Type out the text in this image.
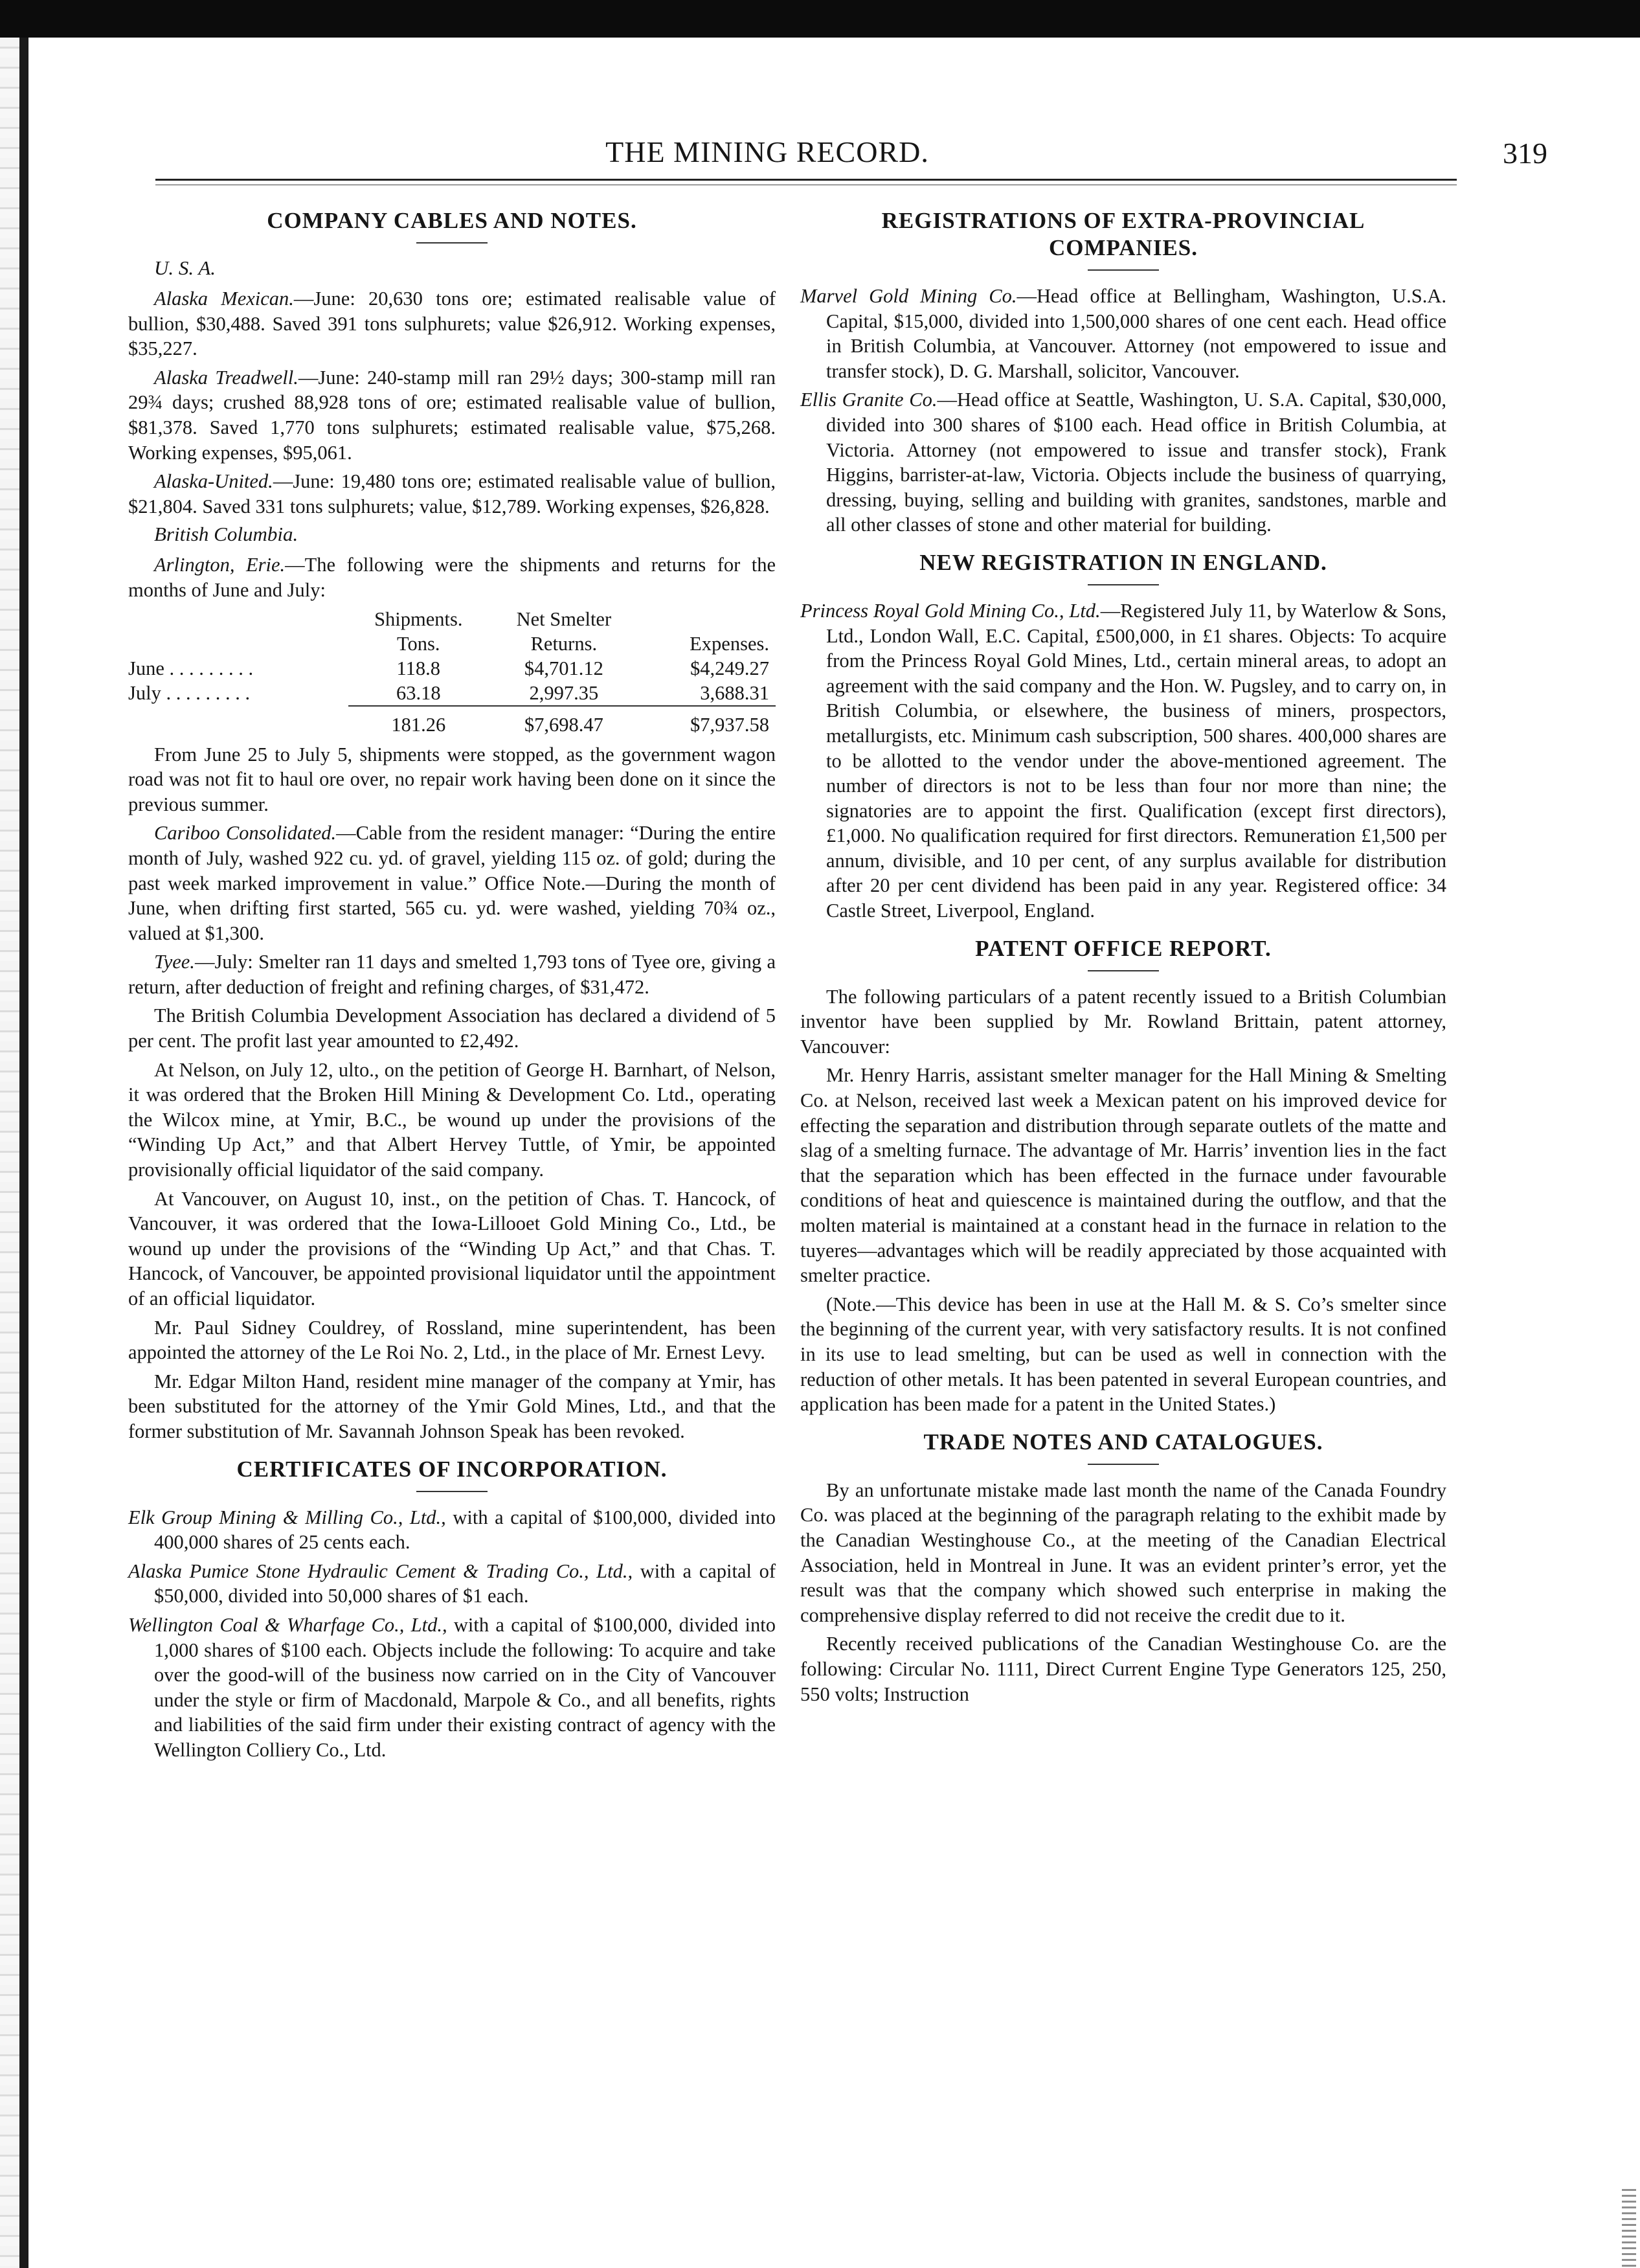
THE MINING RECORD.	319
COMPANY CABLES AND NOTES.
U. S. A.

Alaska Mexican.—June: 20,630 tons ore; estimated realisable value of bullion, $30,488. Saved 391 tons sulphurets; value $26,912. Working expenses, $35,227.

Alaska Treadwell.—June: 240-stamp mill ran 29½ days; 300-stamp mill ran 29¾ days; crushed 88,928 tons of ore; estimated realisable value of bullion, $81,378. Saved 1,770 tons sulphurets; estimated realisable value, $75,268. Working expenses, $95,061.

Alaska-United.—June: 19,480 tons ore; estimated realisable value of bullion, $21,804. Saved 331 tons sulphurets; value, $12,789. Working expenses, $26,828.

British Columbia.

Arlington, Erie.—The following were the shipments and returns for the months of June and July:

	Shipments.	Net Smelter	
	Tons.	Returns.	Expenses.
June . . . . . . . . .	118.8	$4,701.12	$4,249.27
July . . . . . . . . .	63.18	2,997.35	3,688.31
	181.26	$7,698.47	$7,937.58

From June 25 to July 5, shipments were stopped, as the government wagon road was not fit to haul ore over, no repair work having been done on it since the previous summer.

Cariboo Consolidated.—Cable from the resident manager: “During the entire month of July, washed 922 cu. yd. of gravel, yielding 115 oz. of gold; during the past week marked improvement in value.” Office Note.—During the month of June, when drifting first started, 565 cu. yd. were washed, yielding 70¾ oz., valued at $1,300.

Tyee.—July: Smelter ran 11 days and smelted 1,793 tons of Tyee ore, giving a return, after deduction of freight and refining charges, of $31,472.

The British Columbia Development Association has declared a dividend of 5 per cent. The profit last year amounted to £2,492.

At Nelson, on July 12, ulto., on the petition of George H. Barnhart, of Nelson, it was ordered that the Broken Hill Mining & Development Co. Ltd., operating the Wilcox mine, at Ymir, B.C., be wound up under the provisions of the “Winding Up Act,” and that Albert Hervey Tuttle, of Ymir, be appointed provisionally official liquidator of the said company.

At Vancouver, on August 10, inst., on the petition of Chas. T. Hancock, of Vancouver, it was ordered that the Iowa-Lillooet Gold Mining Co., Ltd., be wound up under the provisions of the “Winding Up Act,” and that Chas. T. Hancock, of Vancouver, be appointed provisional liquidator until the appointment of an official liquidator.

Mr. Paul Sidney Couldrey, of Rossland, mine superintendent, has been appointed the attorney of the Le Roi No. 2, Ltd., in the place of Mr. Ernest Levy.

Mr. Edgar Milton Hand, resident mine manager of the company at Ymir, has been substituted for the attorney of the Ymir Gold Mines, Ltd., and that the former substitution of Mr. Savannah Johnson Speak has been revoked.

CERTIFICATES OF INCORPORATION.

Elk Group Mining & Milling Co., Ltd., with a capital of $100,000, divided into 400,000 shares of 25 cents each.

Alaska Pumice Stone Hydraulic Cement & Trading Co., Ltd., with a capital of $50,000, divided into 50,000 shares of $1 each.

Wellington Coal & Wharfage Co., Ltd., with a capital of $100,000, divided into 1,000 shares of $100 each. Objects include the following: To acquire and take over the good-will of the business now carried on in the City of Vancouver under the style or firm of Macdonald, Marpole & Co., and all benefits, rights and liabilities of the said firm under their existing contract of agency with the Wellington Colliery Co., Ltd.

REGISTRATIONS OF EXTRA-PROVINCIAL COMPANIES.

Marvel Gold Mining Co.—Head office at Bellingham, Washington, U.S.A. Capital, $15,000, divided into 1,500,000 shares of one cent each. Head office in British Columbia, at Vancouver. Attorney (not empowered to issue and transfer stock), D. G. Marshall, solicitor, Vancouver.

Ellis Granite Co.—Head office at Seattle, Washington, U. S.A. Capital, $30,000, divided into 300 shares of $100 each. Head office in British Columbia, at Victoria. Attorney (not empowered to issue and transfer stock), Frank Higgins, barrister-at-law, Victoria. Objects include the business of quarrying, dressing, buying, selling and building with granites, sandstones, marble and all other classes of stone and other material for building.

NEW REGISTRATION IN ENGLAND.

Princess Royal Gold Mining Co., Ltd.—Registered July 11, by Waterlow & Sons, Ltd., London Wall, E.C. Capital, £500,000, in £1 shares. Objects: To acquire from the Princess Royal Gold Mines, Ltd., certain mineral areas, to adopt an agreement with the said company and the Hon. W. Pugsley, and to carry on, in British Columbia, or elsewhere, the business of miners, prospectors, metallurgists, etc. Minimum cash subscription, 500 shares. 400,000 shares are to be allotted to the vendor under the above-mentioned agreement. The number of directors is not to be less than four nor more than nine; the signatories are to appoint the first. Qualification (except first directors), £1,000. No qualification required for first directors. Remuneration £1,500 per annum, divisible, and 10 per cent, of any surplus available for distribution after 20 per cent dividend has been paid in any year. Registered office: 34 Castle Street, Liverpool, England.

PATENT OFFICE REPORT.

The following particulars of a patent recently issued to a British Columbian inventor have been supplied by Mr. Rowland Brittain, patent attorney, Vancouver:

Mr. Henry Harris, assistant smelter manager for the Hall Mining & Smelting Co. at Nelson, received last week a Mexican patent on his improved device for effecting the separation and distribution through separate outlets of the matte and slag of a smelting furnace. The advantage of Mr. Harris’ invention lies in the fact that the separation which has been effected in the furnace under favourable conditions of heat and quiescence is maintained during the outflow, and that the molten material is maintained at a constant head in the furnace in relation to the tuyeres—advantages which will be readily appreciated by those acquainted with smelter practice.

(Note.—This device has been in use at the Hall M. & S. Co’s smelter since the beginning of the current year, with very satisfactory results. It is not confined in its use to lead smelting, but can be used as well in connection with the reduction of other metals. It has been patented in several European countries, and application has been made for a patent in the United States.)

TRADE NOTES AND CATALOGUES.

By an unfortunate mistake made last month the name of the Canada Foundry Co. was placed at the beginning of the paragraph relating to the exhibit made by the Canadian Westinghouse Co., at the meeting of the Canadian Electrical Association, held in Montreal in June. It was an evident printer’s error, yet the result was that the company which showed such enterprise in making the comprehensive display referred to did not receive the credit due to it.

Recently received publications of the Canadian Westinghouse Co. are the following: Circular No. 1111, Direct Current Engine Type Generators 125, 250, 550 volts; Instruction
